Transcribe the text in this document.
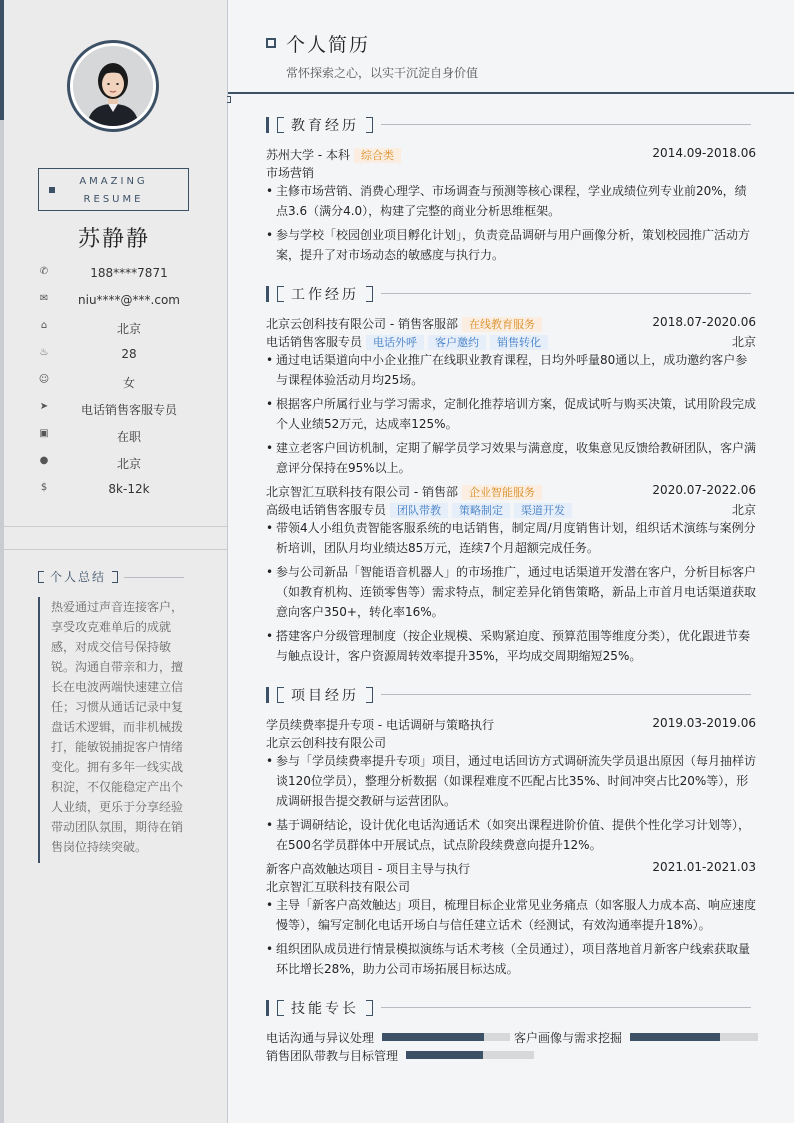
AMAZING
RESUME
苏静静
✆	188****7871
✉	niu****@***.com
⌂	北京
♨	28
☺	女
➤	电话销售客服专员
▣	在职
●	北京
$	8k-12k
个人总结
热爱通过声音连接客户，享受攻克难单后的成就感，对成交信号保持敏锐。沟通自带亲和力，擅长在电波两端快速建立信任；习惯从通话记录中复盘话术逻辑，而非机械拨打，能敏锐捕捉客户情绪变化。拥有多年一线实战积淀，不仅能稳定产出个人业绩，更乐于分享经验带动团队氛围，期待在销售岗位持续突破。
个人简历
常怀探索之心，以实干沉淀自身价值
教育经历
苏州大学 - 本科 综合类	2014.09-2018.06
市场营销
• 主修市场营销、消费心理学、市场调查与预测等核心课程，学业成绩位列专业前20%，绩点3.6（满分4.0），构建了完整的商业分析思维框架。
• 参与学校「校园创业项目孵化计划」，负责竞品调研与用户画像分析，策划校园推广活动方案，提升了对市场动态的敏感度与执行力。
工作经历
北京云创科技有限公司 - 销售客服部 在线教育服务	2018.07-2020.06
电话销售客服专员 电话外呼 客户邀约 销售转化	北京
• 通过电话渠道向中小企业推广在线职业教育课程，日均外呼量80通以上，成功邀约客户参与课程体验活动月均25场。
• 根据客户所属行业与学习需求，定制化推荐培训方案，促成试听与购买决策，试用阶段完成个人业绩52万元，达成率125%。
• 建立老客户回访机制，定期了解学员学习效果与满意度，收集意见反馈给教研团队，客户满意评分保持在95%以上。
北京智汇互联科技有限公司 - 销售部 企业智能服务	2020.07-2022.06
高级电话销售客服专员 团队带教 策略制定 渠道开发	北京
• 带领4人小组负责智能客服系统的电话销售，制定周/月度销售计划，组织话术演练与案例分析培训，团队月均业绩达85万元，连续7个月超额完成任务。
• 参与公司新品「智能语音机器人」的市场推广，通过电话渠道开发潜在客户，分析目标客户（如教育机构、连锁零售等）需求特点，制定差异化销售策略，新品上市首月电话渠道获取意向客户350+，转化率16%。
• 搭建客户分级管理制度（按企业规模、采购紧迫度、预算范围等维度分类），优化跟进节奏与触点设计，客户资源周转效率提升35%，平均成交周期缩短25%。
项目经历
学员续费率提升专项 - 电话调研与策略执行	2019.03-2019.06
北京云创科技有限公司
• 参与「学员续费率提升专项」项目，通过电话回访方式调研流失学员退出原因（每月抽样访谈120位学员），整理分析数据（如课程难度不匹配占比35%、时间冲突占比20%等），形成调研报告提交教研与运营团队。
• 基于调研结论，设计优化电话沟通话术（如突出课程进阶价值、提供个性化学习计划等），在500名学员群体中开展试点，试点阶段续费意向提升12%。
新客户高效触达项目 - 项目主导与执行	2021.01-2021.03
北京智汇互联科技有限公司
• 主导「新客户高效触达」项目，梳理目标企业常见业务痛点（如客服人力成本高、响应速度慢等），编写定制化电话开场白与信任建立话术（经测试，有效沟通率提升18%）。
• 组织团队成员进行情景模拟演练与话术考核（全员通过），项目落地首月新客户线索获取量环比增长28%，助力公司市场拓展目标达成。
技能专长
电话沟通与异议处理	客户画像与需求挖掘
销售团队带教与目标管理
